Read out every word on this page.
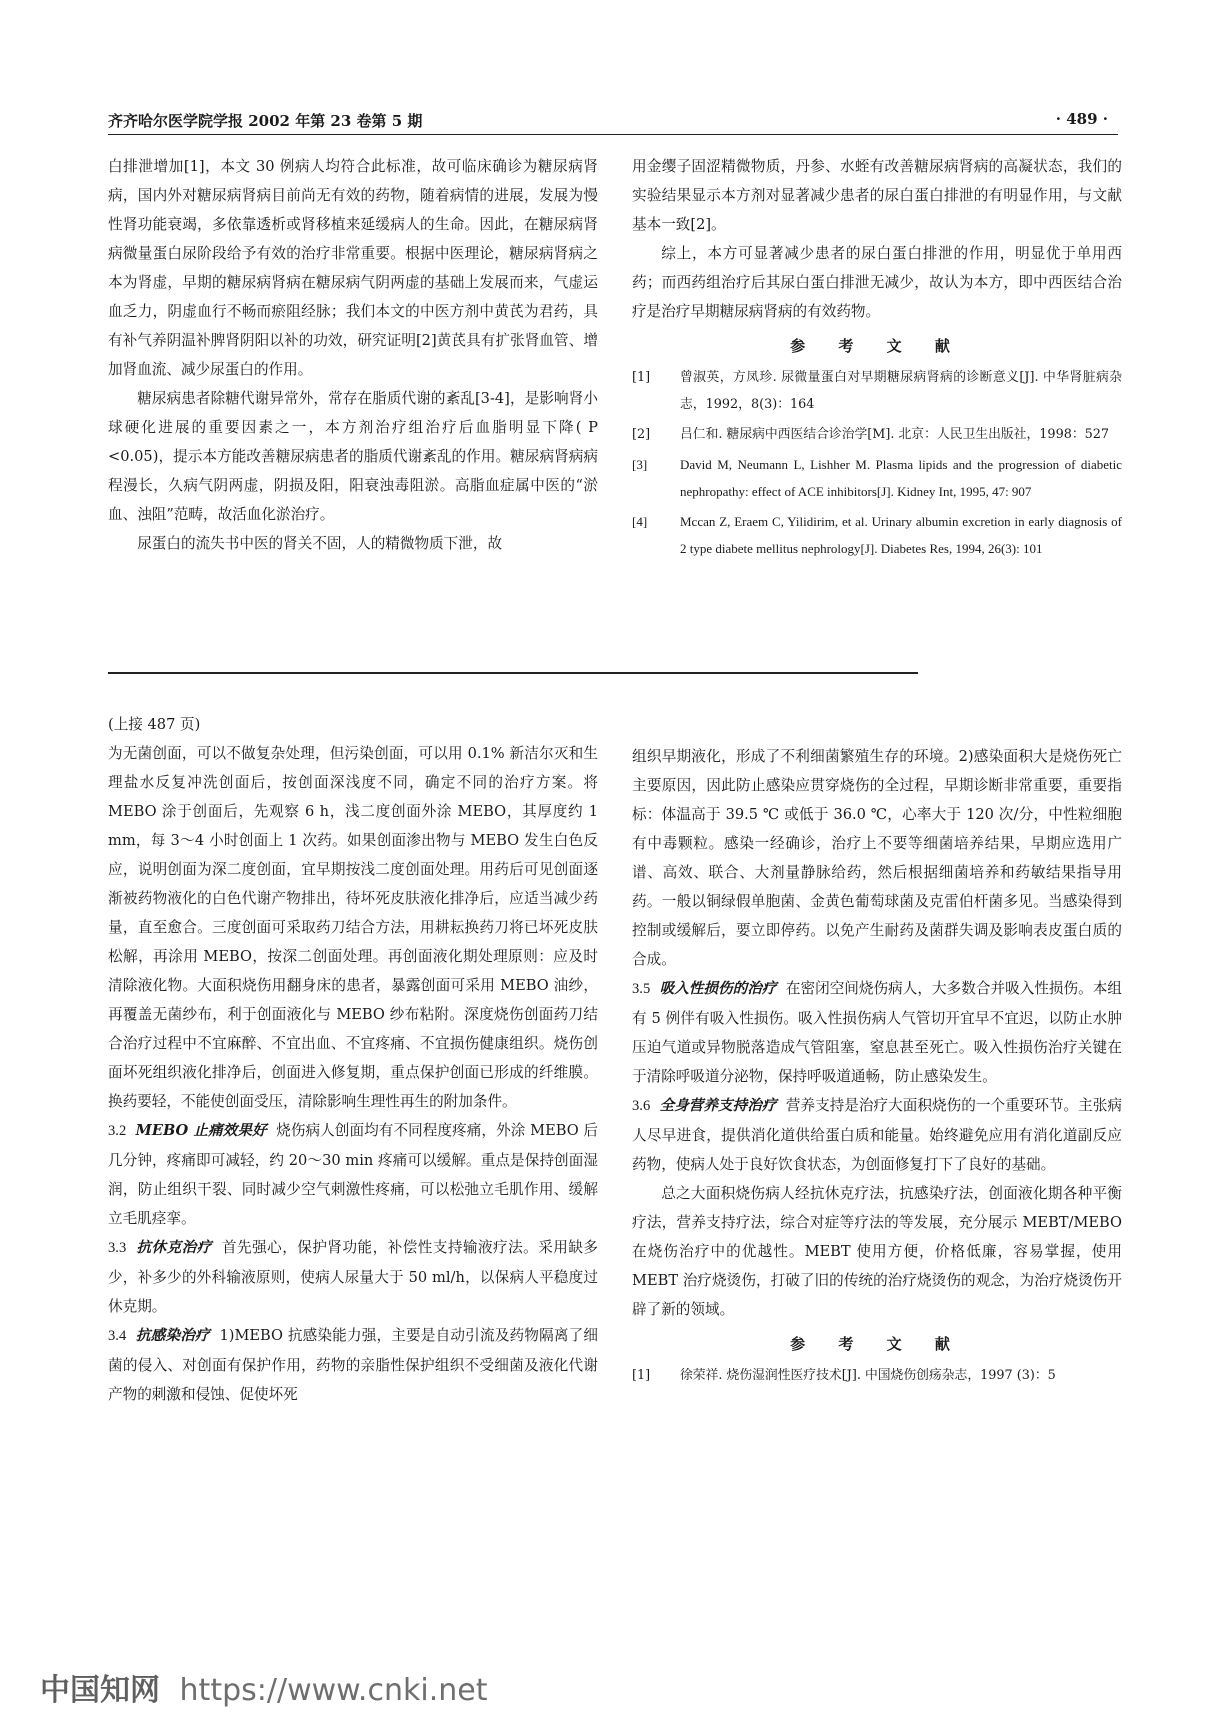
齐齐哈尔医学院学报 2002 年第 23 卷第 5 期	· 489 ·

白排泄增加[1]，本文 30 例病人均符合此标准，故可临床确诊为糖尿病肾病，国内外对糖尿病肾病目前尚无有效的药物，随着病情的进展，发展为慢性肾功能衰竭，多依靠透析或肾移植来延缓病人的生命。因此，在糖尿病肾病微量蛋白尿阶段给予有效的治疗非常重要。根据中医理论，糖尿病肾病之本为肾虚，早期的糖尿病肾病在糖尿病气阴两虚的基础上发展而来，气虚运血乏力，阴虚血行不畅而瘀阻经脉；我们本文的中医方剂中黄芪为君药，具有补气养阴温补脾肾阴阳以补的功效，研究证明[2]黄芪具有扩张肾血管、增加肾血流、减少尿蛋白的作用。

糖尿病患者除糖代谢异常外，常存在脂质代谢的紊乱[3-4]，是影响肾小球硬化进展的重要因素之一，本方剂治疗组治疗后血脂明显下降( P <0.05)，提示本方能改善糖尿病患者的脂质代谢紊乱的作用。糖尿病肾病病程漫长，久病气阴两虚，阴损及阳，阳衰浊毒阻淤。高脂血症属中医的“淤血、浊阻”范畴，故活血化淤治疗。

尿蛋白的流失书中医的肾关不固，人的精微物质下泄，故

用金缨子固涩精微物质，丹参、水蛭有改善糖尿病肾病的高凝状态，我们的实验结果显示本方剂对显著减少患者的尿白蛋白排泄的有明显作用，与文献基本一致[2]。

综上，本方可显著减少患者的尿白蛋白排泄的作用，明显优于单用西药；而西药组治疗后其尿白蛋白排泄无减少，故认为本方，即中西医结合治疗是治疗早期糖尿病肾病的有效药物。

参 考 文 献
[1] 曾淑英，方凤珍. 尿微量蛋白对早期糖尿病肾病的诊断意义[J]. 中华肾脏病杂志，1992，8(3)：164
[2] 吕仁和. 糖尿病中西医结合诊治学[M]. 北京：人民卫生出版社，1998：527
[3]	David M, Neumann L, Lishher M. Plasma lipids and the progression of diabetic nephropathy: effect of ACE inhibitors[J]. Kidney Int, 1995, 47: 907
[4]	Mccan Z, Eraem C, Yilidirim, et al. Urinary albumin excretion in early diagnosis of 2 type diabete mellitus nephrology[J]. Diabetes Res, 1994, 26(3): 101

(上接 487 页)

为无菌创面，可以不做复杂处理，但污染创面，可以用 0.1% 新洁尔灭和生理盐水反复冲洗创面后，按创面深浅度不同，确定不同的治疗方案。将 MEBO 涂于创面后，先观察 6 h，浅二度创面外涂 MEBO，其厚度约 1 mm，每 3～4 小时创面上 1 次药。如果创面渗出物与 MEBO 发生白色反应，说明创面为深二度创面，宜早期按浅二度创面处理。用药后可见创面逐渐被药物液化的白色代谢产物排出，待坏死皮肤液化排净后，应适当减少药量，直至愈合。三度创面可采取药刀结合方法，用耕耘换药刀将已坏死皮肤松解，再涂用 MEBO，按深二创面处理。再创面液化期处理原则：应及时清除液化物。大面积烧伤用翻身床的患者，暴露创面可采用 MEBO 油纱，再覆盖无菌纱布，利于创面液化与 MEBO 纱布粘附。深度烧伤创面药刀结合治疗过程中不宜麻醉、不宜出血、不宜疼痛、不宜损伤健康组织。烧伤创面坏死组织液化排净后，创面进入修复期，重点保护创面已形成的纤维膜。换药要轻，不能使创面受压，清除影响生理性再生的附加条件。

3.2 MEBO 止痛效果好 烧伤病人创面均有不同程度疼痛，外涂 MEBO 后几分钟，疼痛即可减轻，约 20～30 min 疼痛可以缓解。重点是保持创面湿润，防止组织干裂、同时减少空气刺激性疼痛，可以松弛立毛肌作用、缓解立毛肌痉挛。

3.3 抗休克治疗 首先强心，保护肾功能，补偿性支持输液疗法。采用缺多少，补多少的外科输液原则，使病人尿量大于 50 ml/h，以保病人平稳度过休克期。

3.4 抗感染治疗 1)MEBO 抗感染能力强，主要是自动引流及药物隔离了细菌的侵入、对创面有保护作用，药物的亲脂性保护组织不受细菌及液化代谢产物的刺激和侵蚀、促使坏死

组织早期液化，形成了不利细菌繁殖生存的环境。2)感染面积大是烧伤死亡主要原因，因此防止感染应贯穿烧伤的全过程，早期诊断非常重要，重要指标：体温高于 39.5 ℃ 或低于 36.0 ℃，心率大于 120 次/分，中性粒细胞有中毒颗粒。感染一经确诊，治疗上不要等细菌培养结果，早期应选用广谱、高效、联合、大剂量静脉给药，然后根据细菌培养和药敏结果指导用药。一般以铜绿假单胞菌、金黄色葡萄球菌及克雷伯杆菌多见。当感染得到控制或缓解后，要立即停药。以免产生耐药及菌群失调及影响表皮蛋白质的合成。

3.5 吸入性损伤的治疗 在密闭空间烧伤病人，大多数合并吸入性损伤。本组有 5 例伴有吸入性损伤。吸入性损伤病人气管切开宜早不宜迟，以防止水肿压迫气道或异物脱落造成气管阻塞，窒息甚至死亡。吸入性损伤治疗关键在于清除呼吸道分泌物，保持呼吸道通畅，防止感染发生。

3.6 全身营养支持治疗 营养支持是治疗大面积烧伤的一个重要环节。主张病人尽早进食，提供消化道供给蛋白质和能量。始终避免应用有消化道副反应药物，使病人处于良好饮食状态，为创面修复打下了良好的基础。

总之大面积烧伤病人经抗休克疗法，抗感染疗法，创面液化期各种平衡疗法，营养支持疗法，综合对症等疗法的等发展，充分展示 MEBT/MEBO 在烧伤治疗中的优越性。MEBT 使用方便，价格低廉，容易掌握，使用 MEBT 治疗烧烫伤，打破了旧的传统的治疗烧烫伤的观念，为治疗烧烫伤开辟了新的领域。

参 考 文 献
[1] 徐荣祥. 烧伤湿润性医疗技术[J]. 中国烧伤创疡杂志，1997 (3)：5
中国知网 https://www.cnki.net
